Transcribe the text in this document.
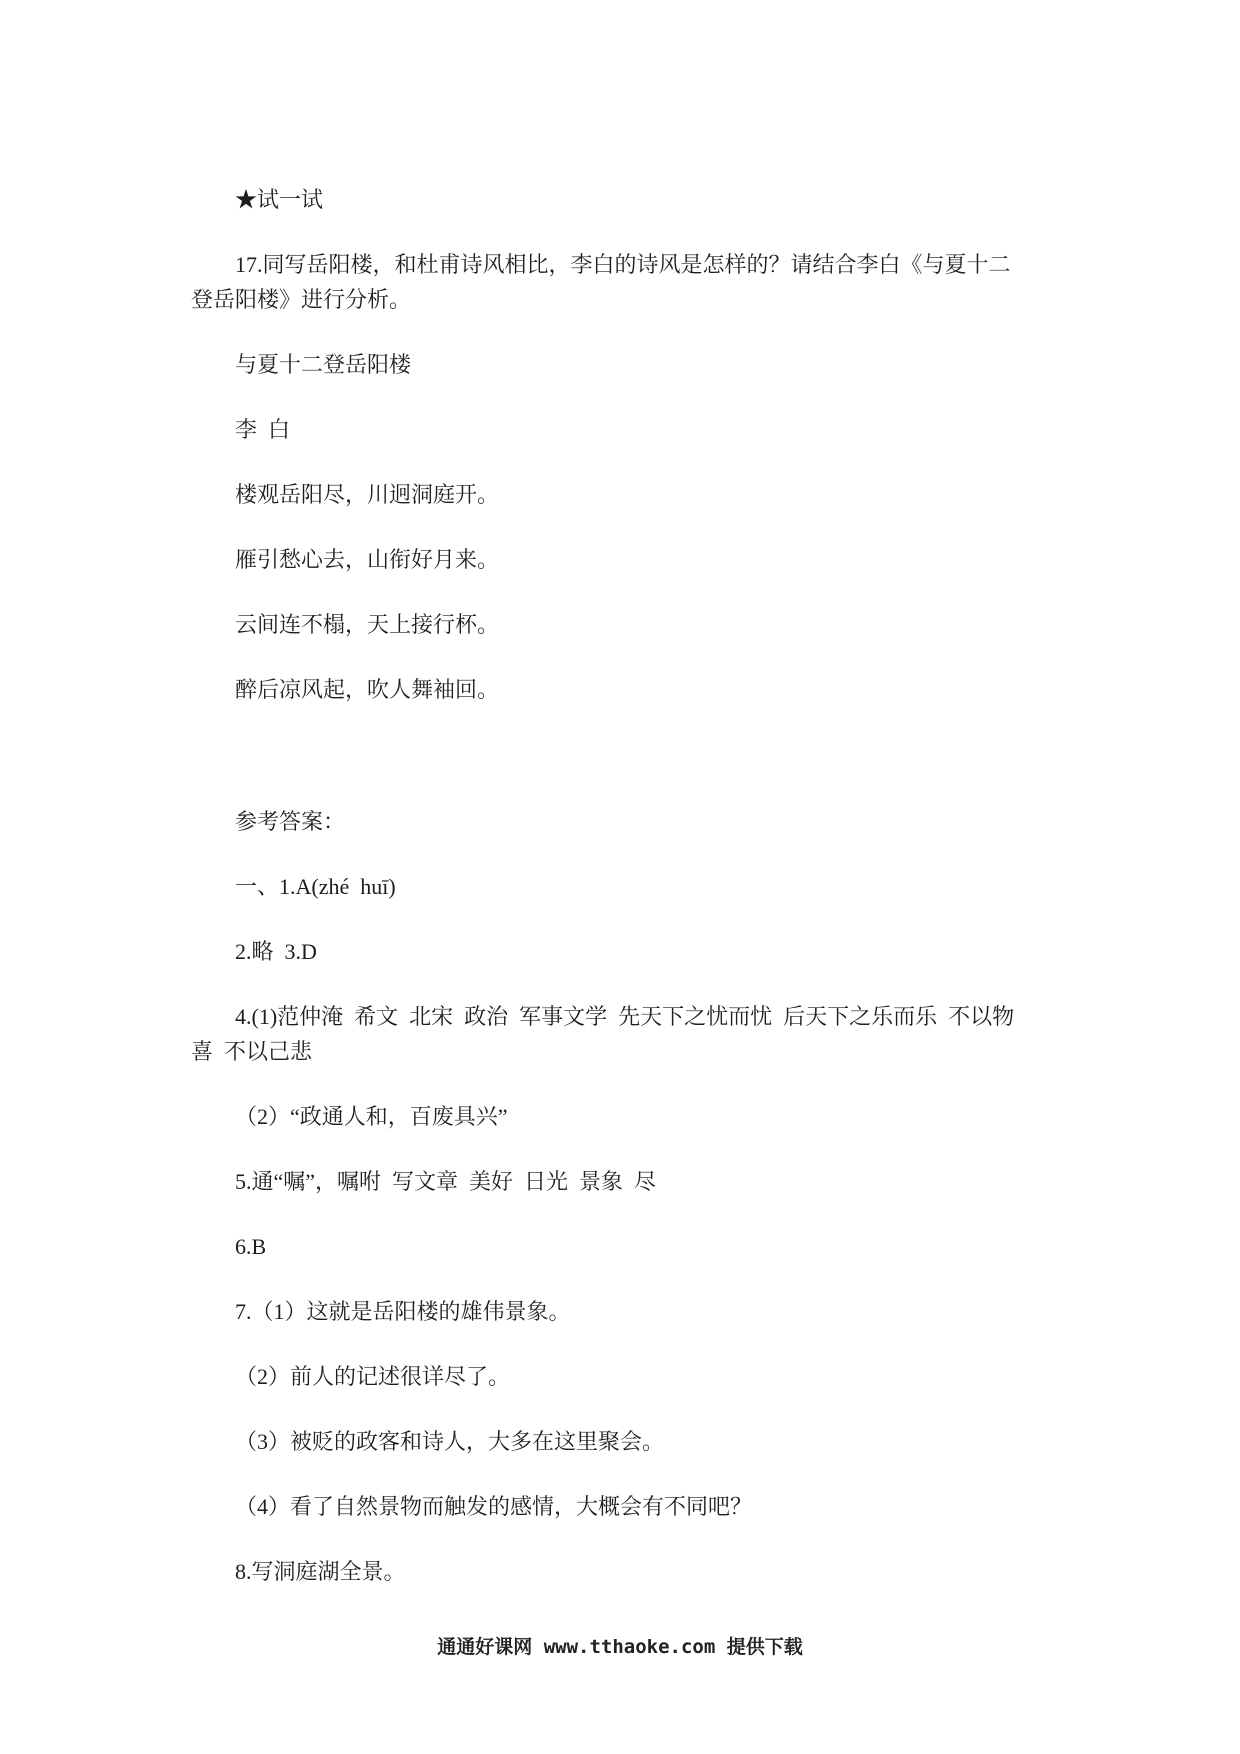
★试一试

17.同写岳阳楼，和杜甫诗风相比，李白的诗风是怎样的？请结合李白《与夏十二登岳阳楼》进行分析。

与夏十二登岳阳楼

李  白

楼观岳阳尽，川迥洞庭开。

雁引愁心去，山衔好月来。

云间连不榻，天上接行杯。

醉后凉风起，吹人舞袖回。

参考答案：

一、1.A(zhé  huī)

2.略  3.D

4.(1)范仲淹  希文  北宋  政治  军事文学  先天下之忧而忧  后天下之乐而乐  不以物喜  不以己悲

（2）“政通人和，百废具兴”

5.通“嘱”，嘱咐  写文章  美好  日光  景象  尽

6.B

7.（1）这就是岳阳楼的雄伟景象。

（2）前人的记述很详尽了。

（3）被贬的政客和诗人，大多在这里聚会。

（4）看了自然景物而触发的感情，大概会有不同吧？

8.写洞庭湖全景。

通通好课网 www.tthaoke.com 提供下载
